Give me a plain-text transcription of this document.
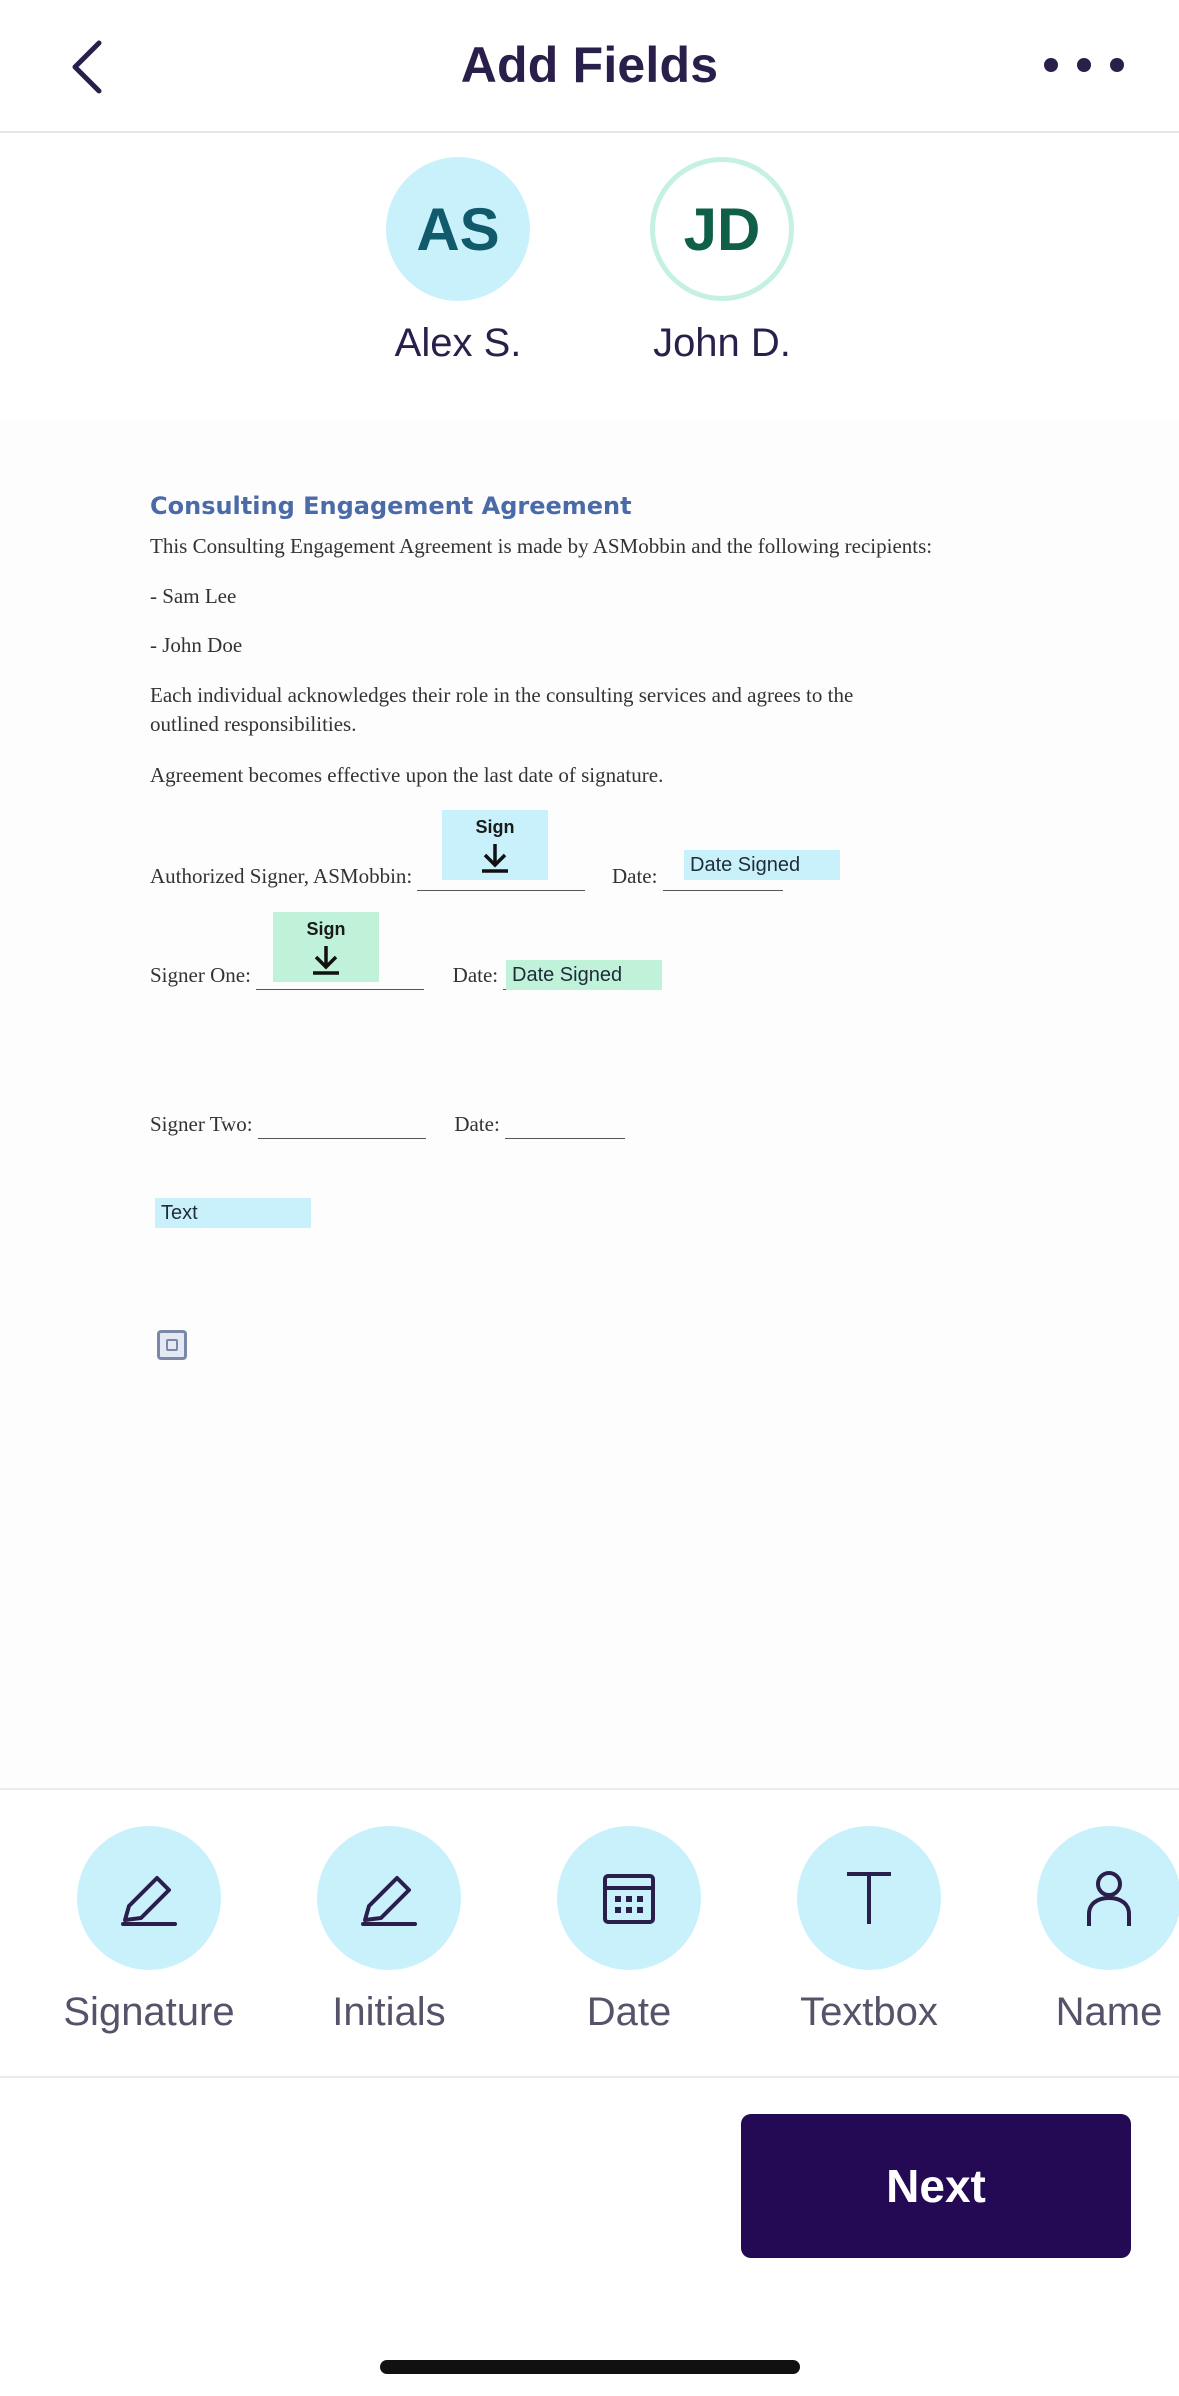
Add Fields
AS
Alex S.
JD
John D.
Consulting Engagement Agreement
This Consulting Engagement Agreement is made by ASMobbin and the following recipients:
- Sam Lee
- John Doe
Each individual acknowledges their role in the consulting services and agrees to the
outlined responsibilities.
Agreement becomes effective upon the last date of signature.
Authorized Signer, ASMobbin:	Date:
Signer One:	Date:
Signer Two:	Date:
Sign
Date Signed
Sign
Date Signed
Text
Signature	Initials	Date	Textbox	Name
Next
